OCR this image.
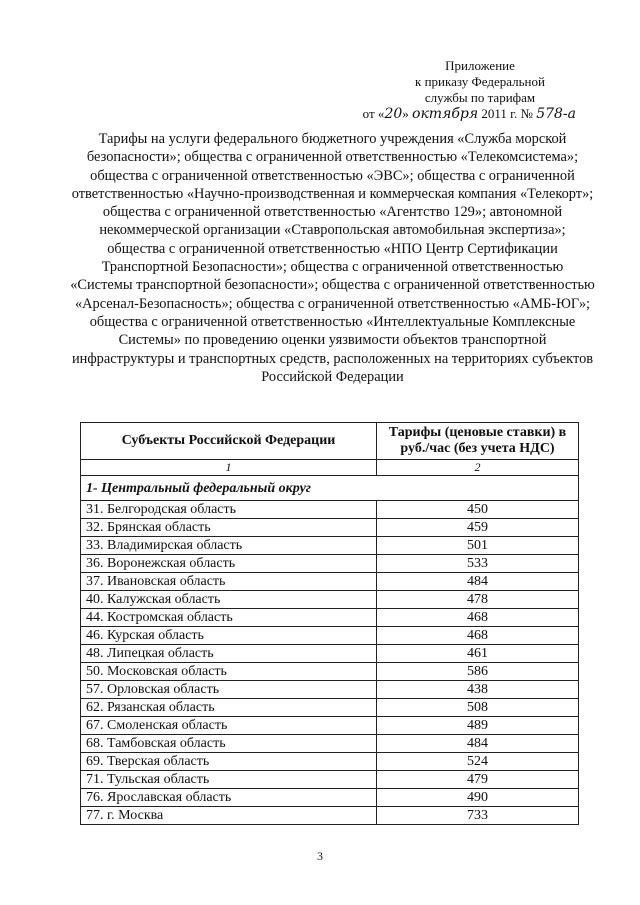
Приложение
к приказу Федеральной
службы по тарифам
от «20» октября 2011 г. № 578-а
Тарифы на услуги федерального бюджетного учреждения «Служба морской безопасности»; общества с ограниченной ответственностью «Телекомсистема»; общества с ограниченной ответственностью «ЭВС»; общества с ограниченной ответственностью «Научно-производственная и коммерческая компания «Телекорт»; общества с ограниченной ответственностью «Агентство 129»; автономной некоммерческой организации «Ставропольская автомобильная экспертиза»; общества с ограниченной ответственностью «НПО Центр Сертификации Транспортной Безопасности»; общества с ограниченной ответственностью «Системы транспортной безопасности»; общества с ограниченной ответственностью «Арсенал-Безопасность»; общества с ограниченной ответственностью «АМБ-ЮГ»; общества с ограниченной ответственностью «Интеллектуальные Комплексные Системы» по проведению оценки уязвимости объектов транспортной инфраструктуры и транспортных средств, расположенных на территориях субъектов Российской Федерации
Субъекты Российской Федерации	Тарифы (ценовые ставки) в руб./час (без учета НДС)
1	2
1- Центральный федеральный округ	
31. Белгородская область	450
32. Брянская область	459
33. Владимирская область	501
36. Воронежская область	533
37. Ивановская область	484
40. Калужская область	478
44. Костромская область	468
46. Курская область	468
48. Липецкая область	461
50. Московская область	586
57. Орловская область	438
62. Рязанская область	508
67. Смоленская область	489
68. Тамбовская область	484
69. Тверская область	524
71. Тульская область	479
76. Ярославская область	490
77. г. Москва	733
3
